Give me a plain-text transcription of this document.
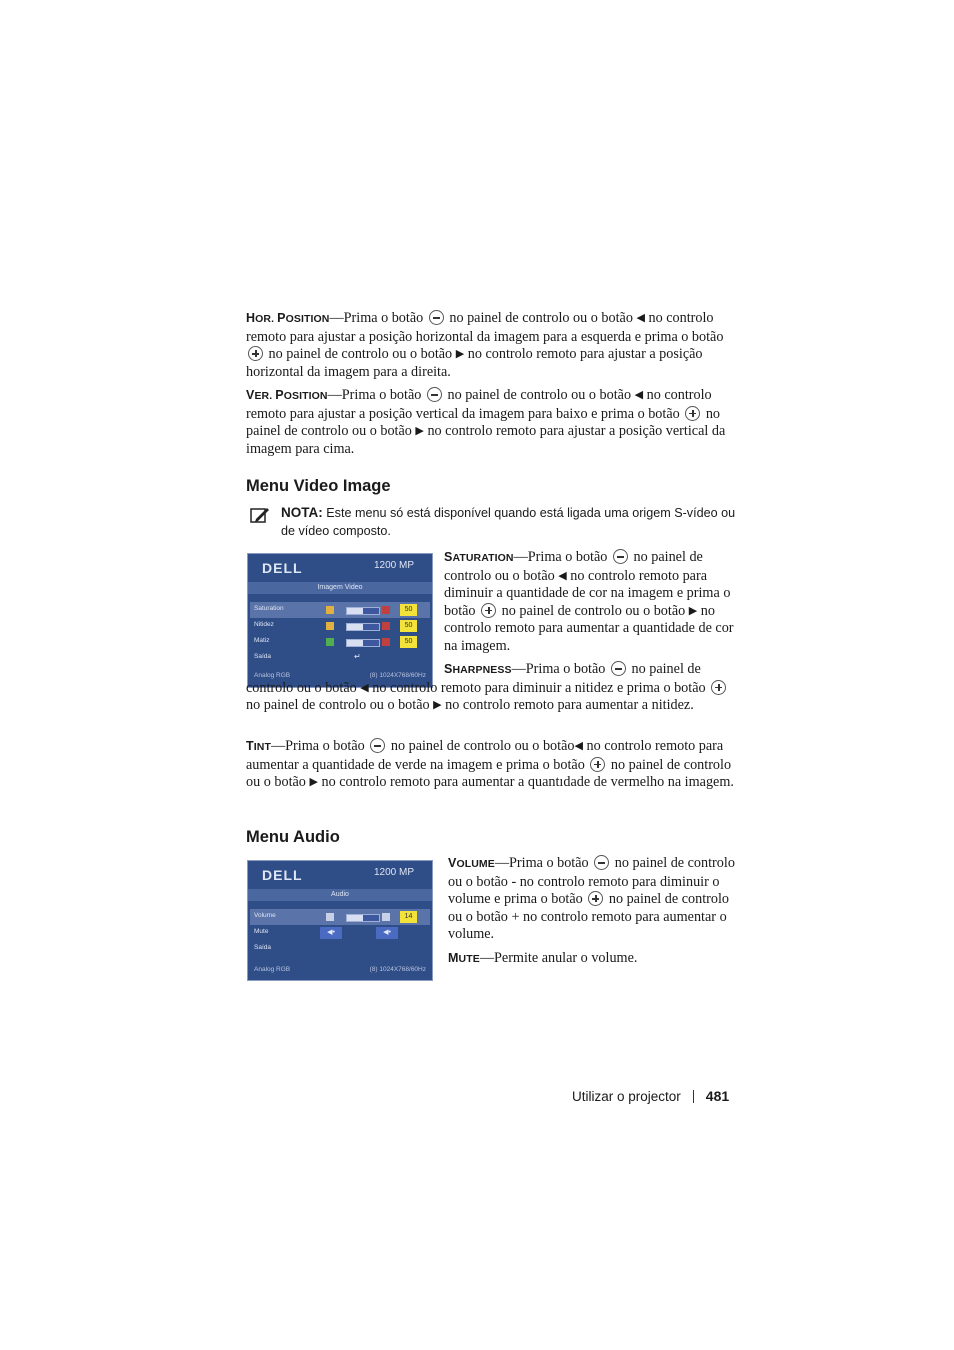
HOR. POSITION—Prima o botão no painel de controlo ou o botão ◀ no controlo remoto para ajustar a posição horizontal da imagem para a esquerda e prima o botão  no painel de controlo ou o botão ▶ no controlo remoto para ajustar a posição horizontal da imagem para a direita.

VER. POSITION—Prima o botão no painel de controlo ou o botão ◀ no controlo remoto para ajustar a posição vertical da imagem para baixo e prima o botão no painel de controlo ou o botão ▶ no controlo remoto para ajustar a posição vertical da imagem para cima.

Menu Video Image
NOTA: Este menu só está disponível quando está ligada uma origem S-vídeo ou de vídeo composto.
DELL	1200 MP
Imagem Video
Saturation	50
Nitidez	50
Matiz	50
Saída	↵
Analog RGB	(8) 1024X768/60Hz

SATURATION—Prima o botão no painel de controlo ou o botão ◀ no controlo remoto para diminuir a quantidade de cor na imagem e prima o botão no painel de controlo ou o botão ▶ no controlo remoto para aumentar a quantidade de cor na imagem.

SHARPNESS—Prima o botão no painel de controlo ou o botão ◀ no controlo remoto para diminuir a nitidez e prima o botão  no painel de controlo ou o botão ▶ no controlo remoto para aumentar a nitidez.

TINT—Prima o botão no painel de controlo ou o botão◀ no controlo remoto para aumentar a quantidade de verde na imagem e prima o botão no painel de controlo ou o botão ▶ no controlo remoto para aumentar a quantıdade de vermelho na imagem.

Menu Audio
DELL	1200 MP
Audio
Volume	14
Mute	◀•	◀•
Saída
Analog RGB	(8) 1024X768/60Hz

VOLUME—Prima o botão no painel de controlo ou o botão - no controlo remoto para diminuir o volume e prima o botão no painel de controlo ou o botão + no controlo remoto para aumentar o volume.

MUTE—Permite anular o volume.

Utilizar o projector 481
